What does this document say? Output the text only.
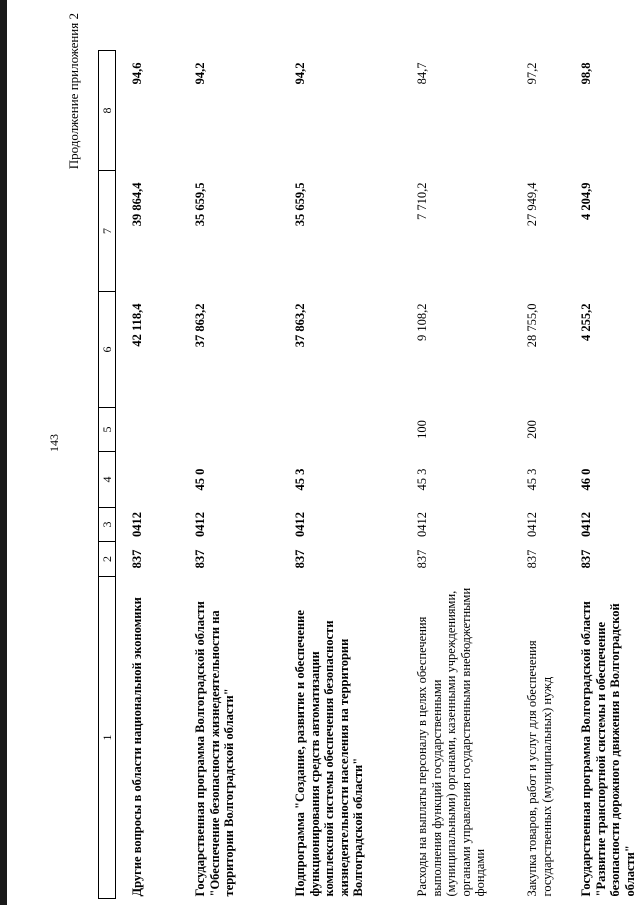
143
Продолжение приложения 2
1	2	3	4	5	6	7	8
Другие вопросы в области национальной экономики	837	0412			42 118,4	39 864,4	94,6
Государственная программа Волгоградской области "Обеспечение безопасности жизнедеятельности на территории Волгоградской области"	837	0412	45 0		37 863,2	35 659,5	94,2
Подпрограмма "Создание, развитие и обеспечение функционирования средств автоматизации комплексной системы обеспечения безопасности жизнедеятельности населения на территории Волгоградской области"	837	0412	45 3		37 863,2	35 659,5	94,2
Расходы на выплаты персоналу в целях обеспечения выполнения функций государственными (муниципальными) органами, казенными учреждениями, органами управления государственными внебюджетными фондами	837	0412	45 3	100	9 108,2	7 710,2	84,7
Закупка товаров, работ и услуг для обеспечения государственных (муниципальных) нужд	837	0412	45 3	200	28 755,0	27 949,4	97,2
Государственная программа Волгоградской области "Развитие транспортной системы и обеспечение безопасности дорожного движения в Волгоградской области"	837	0412	46 0		4 255,2	4 204,9	98,8
